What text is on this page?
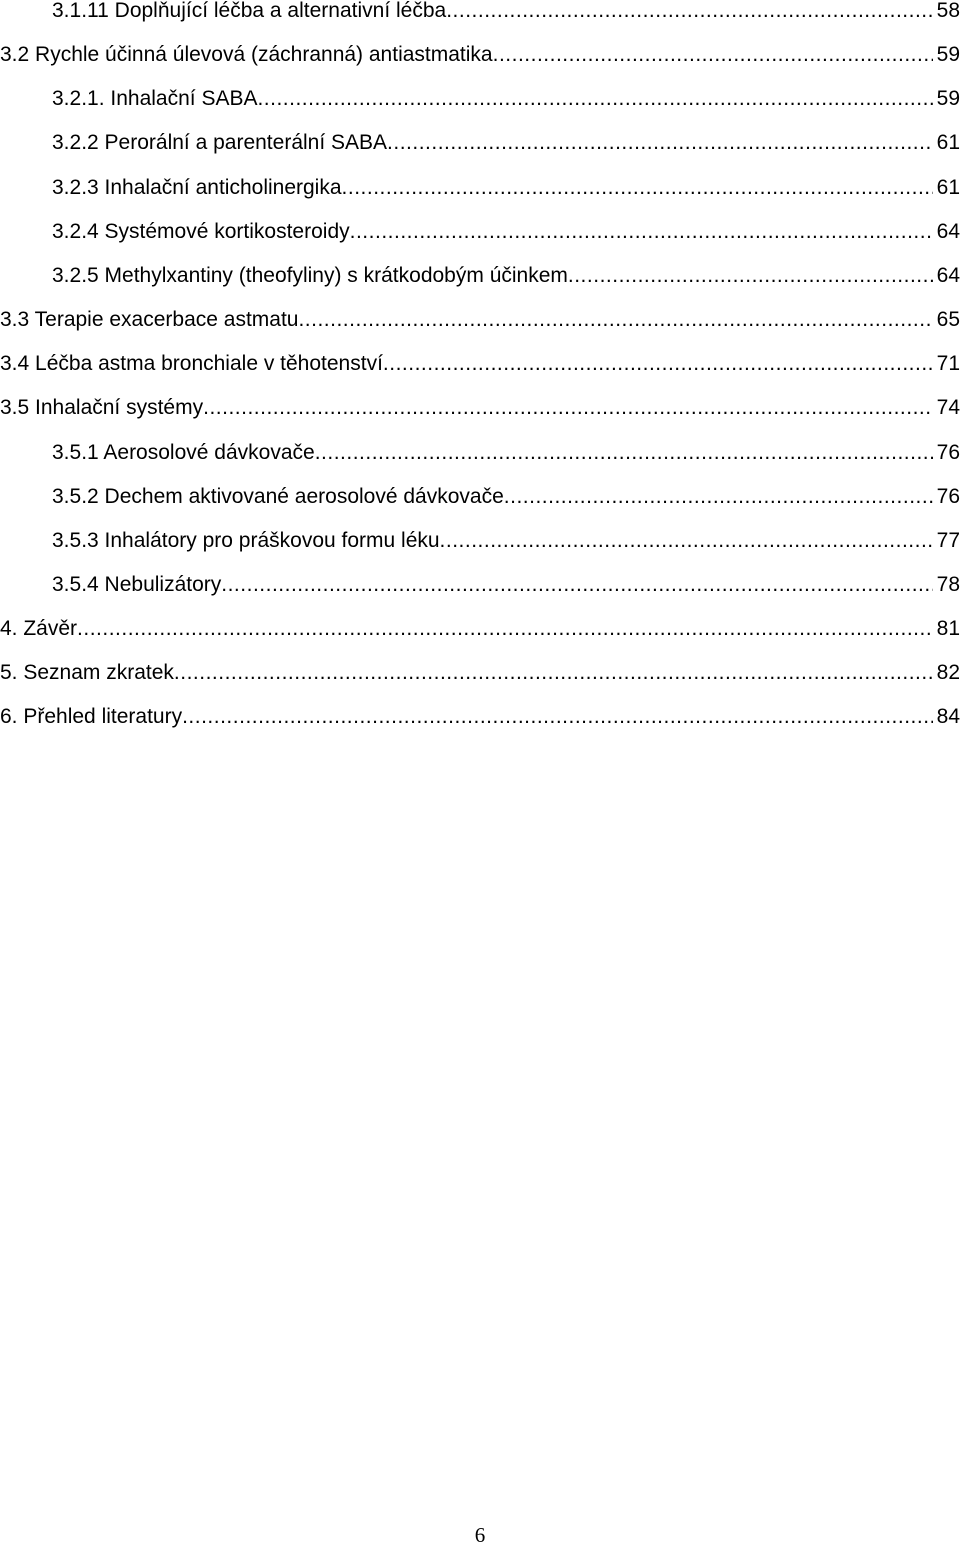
3.1.11 Doplňující léčba a alternativní léčba .....	58
3.2 Rychle účinná úlevová (záchranná) antiastmatika .....	59
3.2.1. Inhalační SABA .....	59
3.2.2 Perorální a parenterální SABA .....	61
3.2.3 Inhalační anticholinergika .....	61
3.2.4 Systémové kortikosteroidy .....	64
3.2.5 Methylxantiny (theofyliny) s krátkodobým účinkem .....	64
3.3 Terapie exacerbace astmatu .....	65
3.4 Léčba astma bronchiale v těhotenství .....	71
3.5 Inhalační systémy .....	74
3.5.1 Aerosolové dávkovače .....	76
3.5.2 Dechem aktivované aerosolové dávkovače .....	76
3.5.3 Inhalátory pro práškovou formu léku .....	77
3.5.4 Nebulizátory .....	78
4. Závěr .....	81
5. Seznam zkratek .....	82
6. Přehled literatury .....	84
6
